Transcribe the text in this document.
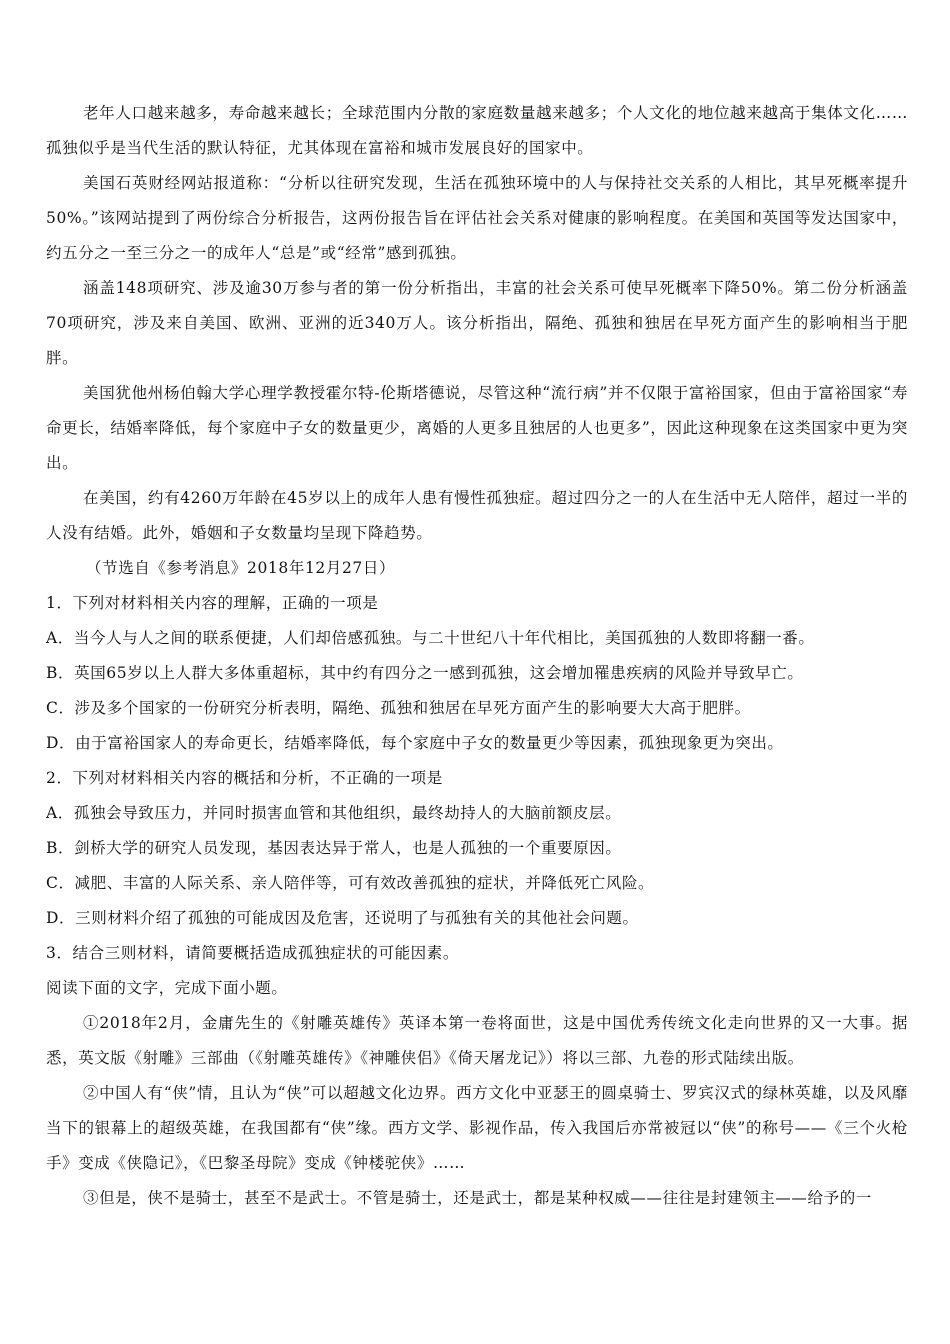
老年人口越来越多，寿命越来越长；全球范围内分散的家庭数量越来越多；个人文化的地位越来越高于集体文化……孤独似乎是当代生活的默认特征，尤其体现在富裕和城市发展良好的国家中。

美国石英财经网站报道称：“分析以往研究发现，生活在孤独环境中的人与保持社交关系的人相比，其早死概率提升50%。”该网站提到了两份综合分析报告，这两份报告旨在评估社会关系对健康的影响程度。在美国和英国等发达国家中，约五分之一至三分之一的成年人“总是”或“经常”感到孤独。

涵盖148项研究、涉及逾30万参与者的第一份分析指出，丰富的社会关系可使早死概率下降50%。第二份分析涵盖70项研究，涉及来自美国、欧洲、亚洲的近340万人。该分析指出，隔绝、孤独和独居在早死方面产生的影响相当于肥胖。

美国犹他州杨伯翰大学心理学教授霍尔特-伦斯塔德说，尽管这种“流行病”并不仅限于富裕国家，但由于富裕国家“寿命更长，结婚率降低，每个家庭中子女的数量更少，离婚的人更多且独居的人也更多”，因此这种现象在这类国家中更为突出。

在美国，约有4260万年龄在45岁以上的成年人患有慢性孤独症。超过四分之一的人在生活中无人陪伴，超过一半的人没有结婚。此外，婚姻和子女数量均呈现下降趋势。

（节选自《参考消息》2018年12月27日）

1．下列对材料相关内容的理解，正确的一项是

A．当今人与人之间的联系便捷，人们却倍感孤独。与二十世纪八十年代相比，美国孤独的人数即将翻一番。

B．英国65岁以上人群大多体重超标，其中约有四分之一感到孤独，这会增加罹患疾病的风险并导致早亡。

C．涉及多个国家的一份研究分析表明，隔绝、孤独和独居在早死方面产生的影响要大大高于肥胖。

D．由于富裕国家人的寿命更长，结婚率降低，每个家庭中子女的数量更少等因素，孤独现象更为突出。

2．下列对材料相关内容的概括和分析，不正确的一项是

A．孤独会导致压力，并同时损害血管和其他组织，最终劫持人的大脑前额皮层。

B．剑桥大学的研究人员发现，基因表达异于常人，也是人孤独的一个重要原因。

C．减肥、丰富的人际关系、亲人陪伴等，可有效改善孤独的症状，并降低死亡风险。

D．三则材料介绍了孤独的可能成因及危害，还说明了与孤独有关的其他社会问题。

3．结合三则材料，请简要概括造成孤独症状的可能因素。

阅读下面的文字，完成下面小题。

①2018年2月，金庸先生的《射雕英雄传》英译本第一卷将面世，这是中国优秀传统文化走向世界的又一大事。据悉，英文版《射雕》三部曲（《射雕英雄传》《神雕侠侣》《倚天屠龙记》）将以三部、九卷的形式陆续出版。

②中国人有“侠”情，且认为“侠”可以超越文化边界。西方文化中亚瑟王的圆桌骑士、罗宾汉式的绿林英雄，以及风靡当下的银幕上的超级英雄，在我国都有“侠”缘。西方文学、影视作品，传入我国后亦常被冠以“侠”的称号——《三个火枪手》变成《侠隐记》，《巴黎圣母院》变成《钟楼驼侠》……

③但是，侠不是骑士，甚至不是武士。不管是骑士，还是武士，都是某种权威——往往是封建领主——给予的一
